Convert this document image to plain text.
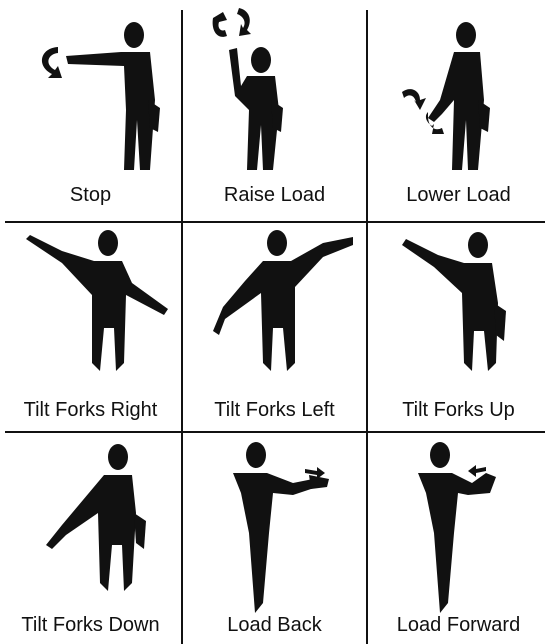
Stop	Raise Load	Lower Load
Tilt Forks Right	Tilt Forks Left	Tilt Forks Up
Tilt Forks Down	Load Back	Load Forward
